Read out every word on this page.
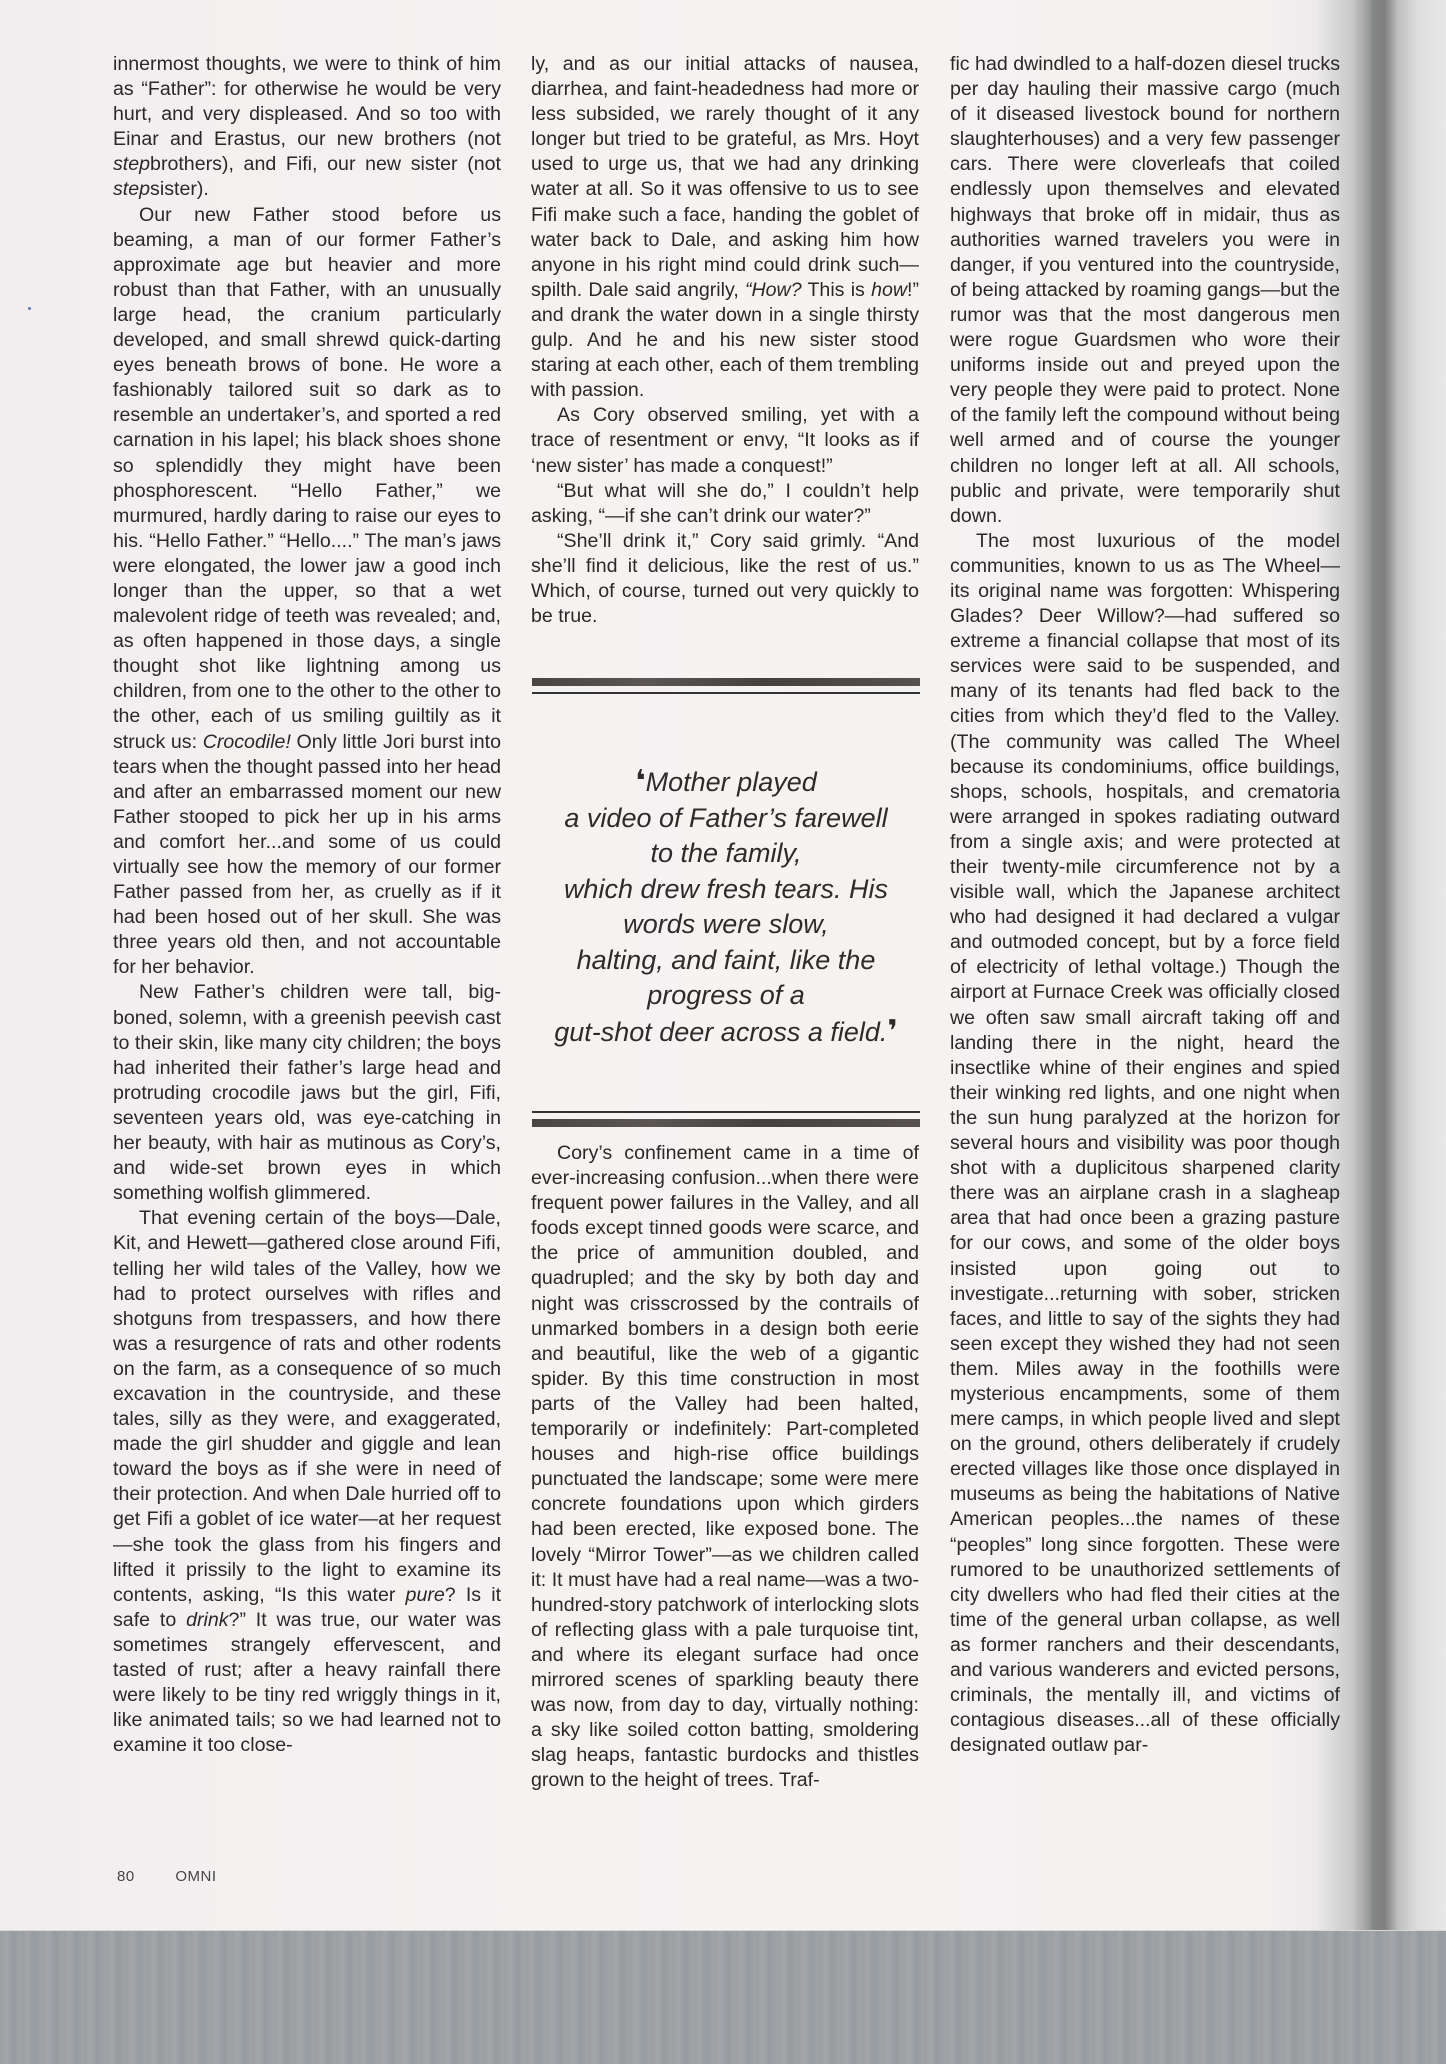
innermost thoughts, we were to think of him as “Father”: for otherwise he would be very hurt, and very displeased. And so too with Einar and Erastus, our new brothers (not stepbrothers), and Fifi, our new sister (not stepsister).

Our new Father stood before us beaming, a man of our former Father’s approximate age but heavier and more robust than that Father, with an unusually large head, the cranium particularly developed, and small shrewd quick-darting eyes beneath brows of bone. He wore a fashionably tailored suit so dark as to resemble an undertaker’s, and sported a red carnation in his lapel; his black shoes shone so splendidly they might have been phosphorescent. “Hello Father,” we murmured, hardly daring to raise our eyes to his. “Hello Father.” “Hello....” The man’s jaws were elongated, the lower jaw a good inch longer than the upper, so that a wet malevolent ridge of teeth was revealed; and, as often happened in those days, a single thought shot like lightning among us children, from one to the other to the other to the other, each of us smiling guiltily as it struck us: Crocodile! Only little Jori burst into tears when the thought passed into her head and after an embarrassed moment our new Father stooped to pick her up in his arms and comfort her...and some of us could virtually see how the memory of our former Father passed from her, as cruelly as if it had been hosed out of her skull. She was three years old then, and not accountable for her behavior.

New Father’s children were tall, big-boned, solemn, with a greenish peevish cast to their skin, like many city children; the boys had inherited their father’s large head and protruding crocodile jaws but the girl, Fifi, seventeen years old, was eye-catching in her beauty, with hair as mutinous as Cory’s, and wide-set brown eyes in which something wolfish glimmered.

That evening certain of the boys—Dale, Kit, and Hewett—gathered close around Fifi, telling her wild tales of the Valley, how we had to protect ourselves with rifles and shotguns from trespassers, and how there was a resurgence of rats and other rodents on the farm, as a consequence of so much excavation in the countryside, and these tales, silly as they were, and exaggerated, made the girl shudder and giggle and lean toward the boys as if she were in need of their protection. And when Dale hurried off to get Fifi a goblet of ice water—at her request—she took the glass from his fingers and lifted it prissily to the light to examine its contents, asking, “Is this water pure? Is it safe to drink?” It was true, our water was sometimes strangely effervescent, and tasted of rust; after a heavy rainfall there were likely to be tiny red wriggly things in it, like animated tails; so we had learned not to examine it too close-

ly, and as our initial attacks of nausea, diarrhea, and faint-headedness had more or less subsided, we rarely thought of it any longer but tried to be grateful, as Mrs. Hoyt used to urge us, that we had any drinking water at all. So it was offensive to us to see Fifi make such a face, handing the goblet of water back to Dale, and asking him how anyone in his right mind could drink such—spilth. Dale said angrily, “How? This is how!” and drank the water down in a single thirsty gulp. And he and his new sister stood staring at each other, each of them trembling with passion.

As Cory observed smiling, yet with a trace of resentment or envy, “It looks as if ‘new sister’ has made a conquest!”

“But what will she do,” I couldn’t help asking, “—if she can’t drink our water?”

“She’ll drink it,” Cory said grimly. “And she’ll find it delicious, like the rest of us.” Which, of course, turned out very quickly to be true.

❛Mother played
a video of Father’s farewell
to the family,
which drew fresh tears. His
words were slow,
halting, and faint, like the
progress of a
gut-shot deer across a field.❜

Cory’s confinement came in a time of ever-increasing confusion...when there were frequent power failures in the Valley, and all foods except tinned goods were scarce, and the price of ammunition doubled, and quadrupled; and the sky by both day and night was crisscrossed by the contrails of unmarked bombers in a design both eerie and beautiful, like the web of a gigantic spider. By this time construction in most parts of the Valley had been halted, temporarily or indefinitely: Part-completed houses and high-rise office buildings punctuated the landscape; some were mere concrete foundations upon which girders had been erected, like exposed bone. The lovely “Mirror Tower”—as we children called it: It must have had a real name—was a two-hundred-story patchwork of interlocking slots of reflecting glass with a pale turquoise tint, and where its elegant surface had once mirrored scenes of sparkling beauty there was now, from day to day, virtually nothing: a sky like soiled cotton batting, smoldering slag heaps, fantastic burdocks and thistles grown to the height of trees. Traf-

fic had dwindled to a half-dozen diesel trucks per day hauling their massive cargo (much of it diseased livestock bound for northern slaughterhouses) and a very few passenger cars. There were cloverleafs that coiled endlessly upon themselves and elevated highways that broke off in midair, thus as authorities warned travelers you were in danger, if you ventured into the countryside, of being attacked by roaming gangs—but the rumor was that the most dangerous men were rogue Guardsmen who wore their uniforms inside out and preyed upon the very people they were paid to protect. None of the family left the compound without being well armed and of course the younger children no longer left at all. All schools, public and private, were temporarily shut down.

The most luxurious of the model communities, known to us as The Wheel—its original name was forgotten: Whispering Glades? Deer Willow?—had suffered so extreme a financial collapse that most of its services were said to be suspended, and many of its tenants had fled back to the cities from which they’d fled to the Valley. (The community was called The Wheel because its condominiums, office buildings, shops, schools, hospitals, and crematoria were arranged in spokes radiating outward from a single axis; and were protected at their twenty-mile circumference not by a visible wall, which the Japanese architect who had designed it had declared a vulgar and outmoded concept, but by a force field of electricity of lethal voltage.) Though the airport at Furnace Creek was officially closed we often saw small aircraft taking off and landing there in the night, heard the insectlike whine of their engines and spied their winking red lights, and one night when the sun hung paralyzed at the horizon for several hours and visibility was poor though shot with a duplicitous sharpened clarity there was an airplane crash in a slagheap area that had once been a grazing pasture for our cows, and some of the older boys insisted upon going out to investigate...returning with sober, stricken faces, and little to say of the sights they had seen except they wished they had not seen them. Miles away in the foothills were mysterious encampments, some of them mere camps, in which people lived and slept on the ground, others deliberately if crudely erected villages like those once displayed in museums as being the habitations of Native American peoples...the names of these “peoples” long since forgotten. These were rumored to be unauthorized settlements of city dwellers who had fled their cities at the time of the general urban collapse, as well as former ranchers and their descendants, and various wanderers and evicted persons, criminals, the mentally ill, and victims of contagious diseases...all of these officially designated outlaw par-

80	OMNI
